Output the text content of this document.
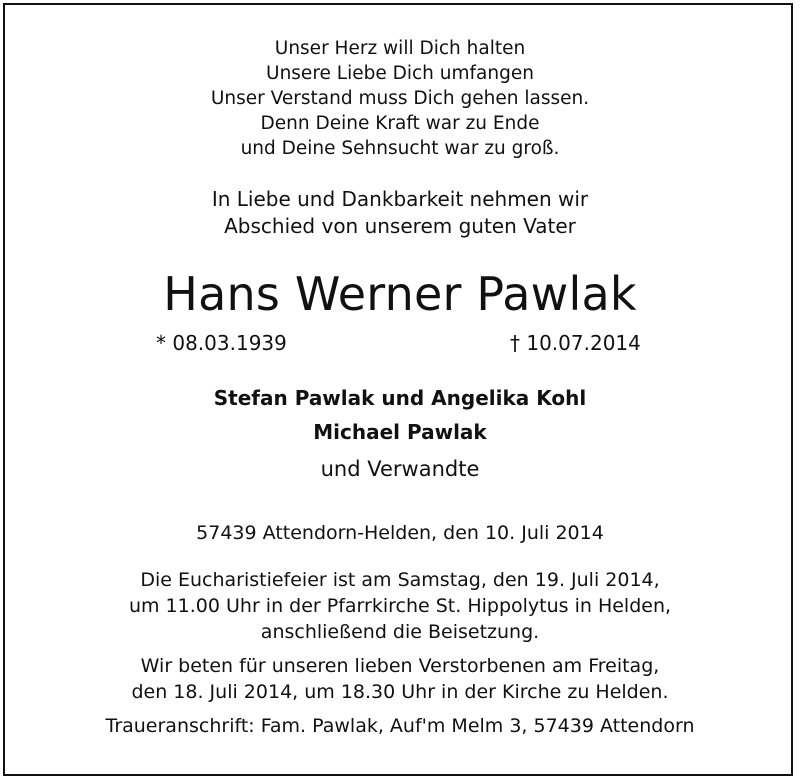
Unser Herz will Dich halten
Unsere Liebe Dich umfangen
Unser Verstand muss Dich gehen lassen.
Denn Deine Kraft war zu Ende
und Deine Sehnsucht war zu groß.
In Liebe und Dankbarkeit nehmen wir
Abschied von unserem guten Vater
Hans Werner Pawlak
* 08.03.1939	† 10.07.2014
Stefan Pawlak und Angelika Kohl
Michael Pawlak
und Verwandte
57439 Attendorn-Helden, den 10. Juli 2014
Die Eucharistiefeier ist am Samstag, den 19. Juli 2014,
um 11.00 Uhr in der Pfarrkirche St. Hippolytus in Helden,
anschließend die Beisetzung.
Wir beten für unseren lieben Verstorbenen am Freitag,
den 18. Juli 2014, um 18.30 Uhr in der Kirche zu Helden.
Traueranschrift: Fam. Pawlak, Auf'm Melm 3, 57439 Attendorn
